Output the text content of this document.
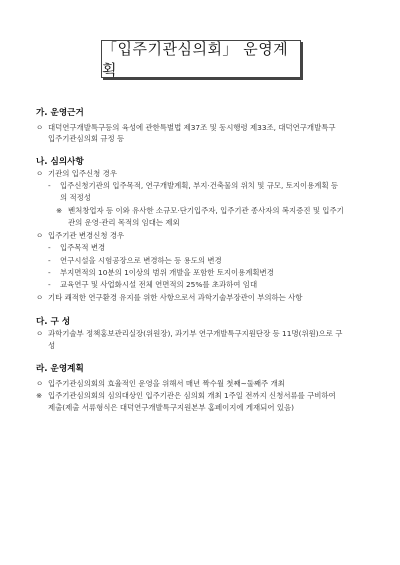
「입주기관심의회」 운영계획
가. 운영근거
ㅇ 대덕연구개발특구등의 육성에 관한특별법 제37조 및 동시행령 제33조, 대덕연구개발특구
입주기관심의회 규정 등
나. 심의사항
ㅇ 기관의 입주신청 경우
-	입주신청기관의 입주목적, 연구개발계획, 부지·건축물의 위치 및 규모, 토지이용계획 등
의 적정성
※ 벤처창업자 등 이와 유사한 소규모·단기입주자, 입주기관 종사자의 복지증진 및 입주기
관의 운영·관리 목적의 임대는 제외
ㅇ 입주기관 변경신청 경우
-	입주목적 변경
-	연구시설을 시험공장으로 변경하는 등 용도의 변경
-	부지면적의 10분의 1이상의 범위 개발을 포함한 토지이용계획변경
-	교육연구 및 사업화시설 전체 연면적의 25%를 초과하여 임대
ㅇ 기타 쾌적한 연구환경 유지를 위한 사항으로서 과학기술부장관이 부의하는 사항
다. 구 성
ㅇ 과학기술부 정책홍보관리실장(위원장), 과기부 연구개발특구지원단장 등 11명(위원)으로 구
성
라. 운영계획
ㅇ 입주기관심의회의 효율적인 운영을 위해서 매년 짝수월 첫째~둘째주 개최
※ 입주기관심의회의 심의대상인 입주기관은 심의회 개최 1주일 전까지 신청서류를 구비하여
제출(제출 서류형식은 대덕연구개발특구지원본부 홈페이지에 게재되어 있음)
